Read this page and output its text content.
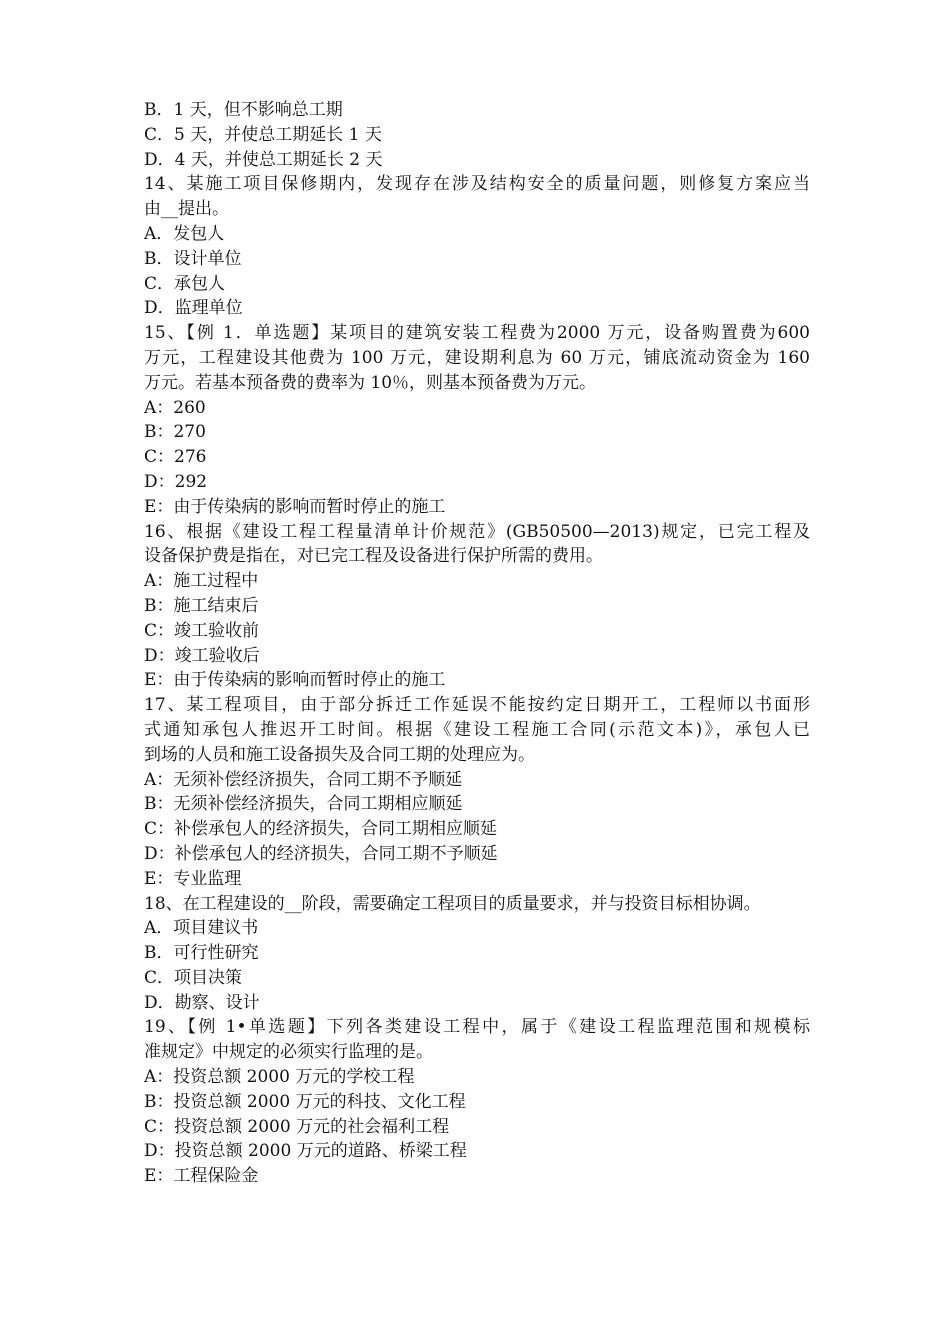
B．1 天，但不影响总工期
C．5 天，并使总工期延长 1 天
D．4 天，并使总工期延长 2 天
14、某施工项目保修期内，发现存在涉及结构安全的质量问题，则修复方案应当
由__提出。
A．发包人
B．设计单位
C．承包人
D．监理单位
15、【例 1．单选题】某项目的建筑安装工程费为2000 万元，设备购置费为600
万元，工程建设其他费为 100 万元，建设期利息为 60 万元，铺底流动资金为 160
万元。若基本预备费的费率为 10％，则基本预备费为万元。
A：260
B：270
C：276
D：292
E：由于传染病的影响而暂时停止的施工
16、根据《建设工程工程量清单计价规范》(GB50500—2013)规定，已完工程及
设备保护费是指在，对已完工程及设备进行保护所需的费用。
A：施工过程中
B：施工结束后
C：竣工验收前
D：竣工验收后
E：由于传染病的影响而暂时停止的施工
17、某工程项目，由于部分拆迁工作延误不能按约定日期开工，工程师以书面形
式通知承包人推迟开工时间。根据《建设工程施工合同(示范文本)》，承包人已
到场的人员和施工设备损失及合同工期的处理应为。
A：无须补偿经济损失，合同工期不予顺延
B：无须补偿经济损失，合同工期相应顺延
C：补偿承包人的经济损失，合同工期相应顺延
D：补偿承包人的经济损失，合同工期不予顺延
E：专业监理
18、在工程建设的__阶段，需要确定工程项目的质量要求，并与投资目标相协调。
A．项目建议书
B．可行性研究
C．项目决策
D．勘察、设计
19、【例 1•单选题】下列各类建设工程中，属于《建设工程监理范围和规模标
准规定》中规定的必须实行监理的是。
A：投资总额 2000 万元的学校工程
B：投资总额 2000 万元的科技、文化工程
C：投资总额 2000 万元的社会福利工程
D：投资总额 2000 万元的道路、桥梁工程
E：工程保险金
